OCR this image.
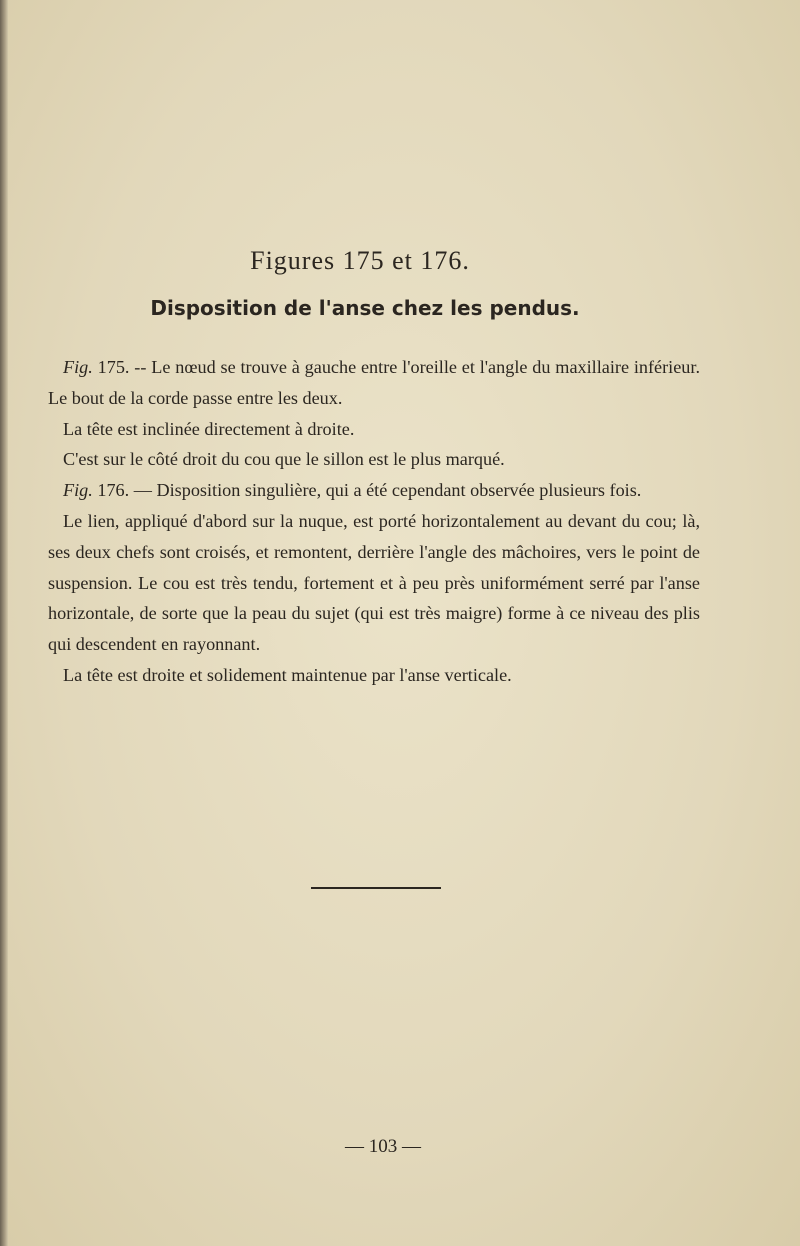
Figures 175 et 176.
Disposition de l'anse chez les pendus.

Fig. 175. -- Le nœud se trouve à gauche entre l'oreille et l'angle du maxillaire inférieur. Le bout de la corde passe entre les deux.

La tête est inclinée directement à droite.

C'est sur le côté droit du cou que le sillon est le plus marqué.

Fig. 176. — Disposition singulière, qui a été cependant observée plusieurs fois.

Le lien, appliqué d'abord sur la nuque, est porté horizontalement au devant du cou; là, ses deux chefs sont croisés, et remontent, derrière l'angle des mâchoires, vers le point de suspension. Le cou est très tendu, fortement et à peu près uniformément serré par l'anse horizontale, de sorte que la peau du sujet (qui est très maigre) forme à ce niveau des plis qui descendent en rayonnant.

La tête est droite et solidement maintenue par l'anse verticale.

— 103 —
